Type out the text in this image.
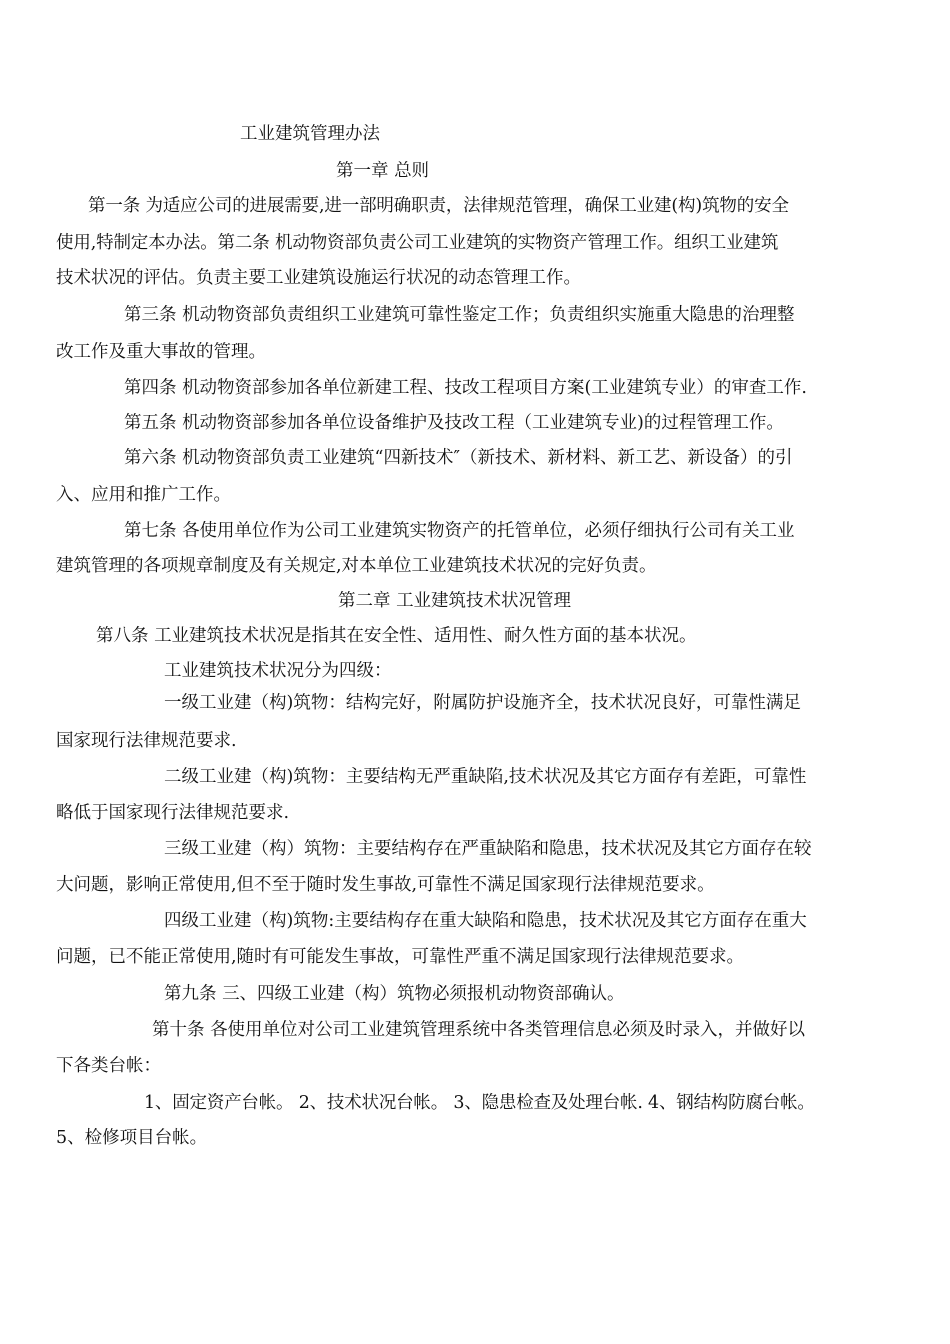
工业建筑管理办法
第一章 总则
第一条 为适应公司的进展需要,进一部明确职责，法律规范管理，确保工业建(构)筑物的安全
使用,特制定本办法。第二条 机动物资部负责公司工业建筑的实物资产管理工作。组织工业建筑
技术状况的评估。负责主要工业建筑设施运行状况的动态管理工作。
第三条 机动物资部负责组织工业建筑可靠性鉴定工作；负责组织实施重大隐患的治理整
改工作及重大事故的管理。
第四条 机动物资部参加各单位新建工程、技改工程项目方案(工业建筑专业）的审查工作.
第五条 机动物资部参加各单位设备维护及技改工程（工业建筑专业)的过程管理工作。
第六条 机动物资部负责工业建筑“四新技术″（新技术、新材料、新工艺、新设备）的引
入、应用和推广工作。
第七条 各使用单位作为公司工业建筑实物资产的托管单位，必须仔细执行公司有关工业
建筑管理的各项规章制度及有关规定,对本单位工业建筑技术状况的完好负责。
第二章 工业建筑技术状况管理
第八条 工业建筑技术状况是指其在安全性、适用性、耐久性方面的基本状况。
工业建筑技术状况分为四级：
一级工业建（构)筑物：结构完好，附属防护设施齐全，技术状况良好，可靠性满足
国家现行法律规范要求.
二级工业建（构)筑物：主要结构无严重缺陷,技术状况及其它方面存有差距，可靠性
略低于国家现行法律规范要求.
三级工业建（构）筑物：主要结构存在严重缺陷和隐患，技术状况及其它方面存在较
大问题，影响正常使用,但不至于随时发生事故,可靠性不满足国家现行法律规范要求。
四级工业建（构)筑物:主要结构存在重大缺陷和隐患，技术状况及其它方面存在重大
问题，已不能正常使用,随时有可能发生事故，可靠性严重不满足国家现行法律规范要求。
第九条 三、四级工业建（构）筑物必须报机动物资部确认。
第十条 各使用单位对公司工业建筑管理系统中各类管理信息必须及时录入，并做好以
下各类台帐：
1、固定资产台帐。 2、技术状况台帐。 3、隐患检查及处理台帐. 4、钢结构防腐台帐。
5、检修项目台帐。
